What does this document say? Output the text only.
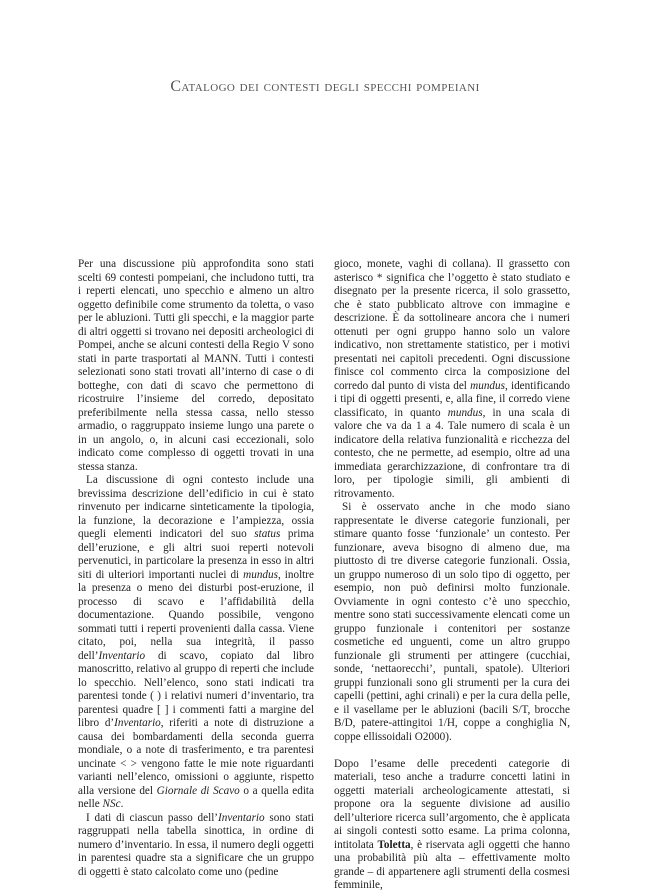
Catalogo dei contesti degli specchi pompeiani

Per una discussione più approfondita sono stati scelti 69 contesti pompeiani, che includono tutti, tra i reperti elencati, uno specchio e almeno un altro oggetto definibile come strumento da toletta, o vaso per le abluzioni. Tutti gli specchi, e la maggior parte di altri oggetti si trovano nei depositi archeologici di Pompei, anche se alcuni contesti della Regio V sono stati in parte trasportati al MANN. Tutti i contesti selezionati sono stati trovati all’interno di case o di botteghe, con dati di scavo che permettono di ricostruire l’insieme del corredo, depositato preferibilmente nella stessa cassa, nello stesso armadio, o raggruppato insieme lungo una parete o in un angolo, o, in alcuni casi eccezionali, solo indicato come complesso di oggetti trovati in una stessa stanza.

La discussione di ogni contesto include una brevissima descrizione dell’edificio in cui è stato rinvenuto per indicarne sinteticamente la tipologia, la funzione, la decorazione e l’ampiezza, ossia quegli elementi indicatori del suo status prima dell’eruzione, e gli altri suoi reperti notevoli pervenutici, in particolare la presenza in esso in altri siti di ulteriori importanti nuclei di mundus, inoltre la presenza o meno dei disturbi post-eruzione, il processo di scavo e l’affidabilità della documentazione. Quando possibile, vengono sommati tutti i reperti provenienti dalla cassa. Viene citato, poi, nella sua integrità, il passo dell’Inventario di scavo, copiato dal libro manoscritto, relativo al gruppo di reperti che include lo specchio. Nell’elenco, sono stati indicati tra parentesi tonde ( ) i relativi numeri d’inventario, tra parentesi quadre [ ] i commenti fatti a margine del libro d’Inventario, riferiti a note di distruzione a causa dei bombardamenti della seconda guerra mondiale, o a note di trasferimento, e tra parentesi uncinate < > vengono fatte le mie note riguardanti varianti nell’elenco, omissioni o aggiunte, rispetto alla versione del Giornale di Scavo o a quella edita nelle NSc.

I dati di ciascun passo dell’Inventario sono stati raggruppati nella tabella sinottica, in ordine di numero d’inventario. In essa, il numero degli oggetti in parentesi quadre sta a significare che un gruppo di oggetti è stato calcolato come uno (pedine

gioco, monete, vaghi di collana). Il grassetto con asterisco * significa che l’oggetto è stato studiato e disegnato per la presente ricerca, il solo grassetto, che è stato pubblicato altrove con immagine e descrizione. È da sottolineare ancora che i numeri ottenuti per ogni gruppo hanno solo un valore indicativo, non strettamente statistico, per i motivi presentati nei capitoli precedenti. Ogni discussione finisce col commento circa la composizione del corredo dal punto di vista del mundus, identificando i tipi di oggetti presenti, e, alla fine, il corredo viene classificato, in quanto mundus, in una scala di valore che va da 1 a 4. Tale numero di scala è un indicatore della relativa funzionalità e ricchezza del contesto, che ne permette, ad esempio, oltre ad una immediata gerarchizzazione, di confrontare tra di loro, per tipologie simili, gli ambienti di ritrovamento.

Si è osservato anche in che modo siano rappresentate le diverse categorie funzionali, per stimare quanto fosse ‘funzionale’ un contesto. Per funzionare, aveva bisogno di almeno due, ma piuttosto di tre diverse categorie funzionali. Ossia, un gruppo numeroso di un solo tipo di oggetto, per esempio, non può definirsi molto funzionale. Ovviamente in ogni contesto c’è uno specchio, mentre sono stati successivamente elencati come un gruppo funzionale i contenitori per sostanze cosmetiche ed unguenti, come un altro gruppo funzionale gli strumenti per attingere (cucchiai, sonde, ‘nettaorecchi’, puntali, spatole). Ulteriori gruppi funzionali sono gli strumenti per la cura dei capelli (pettini, aghi crinali) e per la cura della pelle, e il vasellame per le abluzioni (bacili S/T, brocche B/D, patere-attingitoi 1/H, coppe a conghiglia N, coppe ellissoidali O2000).

Dopo l’esame delle precedenti categorie di materiali, teso anche a tradurre concetti latini in oggetti materiali archeologicamente attestati, si propone ora la seguente divisione ad ausilio dell’ulteriore ricerca sull’argomento, che è applicata ai singoli contesti sotto esame. La prima colonna, intitolata Toletta, è riservata agli oggetti che hanno una probabilità più alta – effettivamente molto grande – di appartenere agli strumenti della cosmesi femminile,
